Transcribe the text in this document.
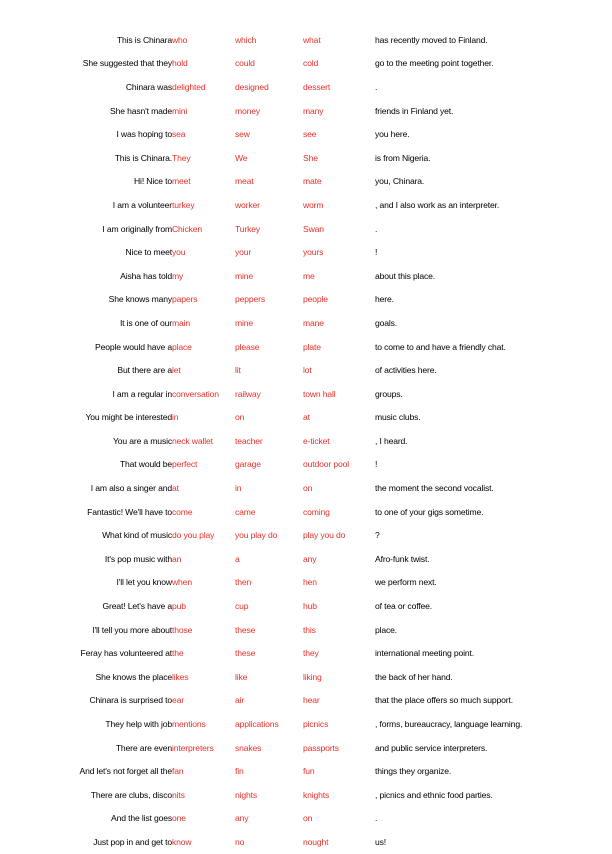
This is Chinara	who	which	what	has recently moved to Finland.
She suggested that they	hold	could	cold	go to the meeting point together.
Chinara was	delighted	designed	dessert	.
She hasn't made	mini	money	many	friends in Finland yet.
I was hoping to	sea	sew	see	you here.
This is Chinara.	They	We	She	is from Nigeria.
Hi! Nice to	meet	meat	mate	you, Chinara.
I am a volunteer	turkey	worker	worm	, and I also work as an interpreter.
I am originally from	Chicken	Turkey	Swan	.
Nice to meet	you	your	yours	!
Aisha has told	my	mine	me	about this place.
She knows many	papers	peppers	people	here.
It is one of our	main	mine	mane	goals.
People would have a	place	please	plate	to come to and have a friendly chat.
But there are a	let	lit	lot	of activities here.
I am a regular in	conversation	railway	town hall	groups.
You might be interested	in	on	at	music clubs.
You are a music	neck wallet	teacher	e-ticket	, I heard.
That would be	perfect	garage	outdoor pool	!
I am also a singer and	at	in	on	the moment the second vocalist.
Fantastic! We'll have to	come	came	coming	to one of your gigs sometime.
What kind of music	do you play	you play do	play you do	?
It's pop music with	an	a	any	Afro-funk twist.
I'll let you know	when	then	hen	we perform next.
Great! Let's have a	pub	cup	hub	of tea or coffee.
I'll tell you more about	those	these	this	place.
Feray has volunteered at	the	these	they	international meeting point.
She knows the place	likes	like	liking	the back of her hand.
Chinara is surprised to	ear	air	hear	that the place offers so much support.
They help with job	mentions	applications	picnics	, forms, bureaucracy, language learning.
There are even	interpreters	snakes	passports	and public service interpreters.
And let's not forget all the	fan	fin	fun	things they organize.
There are clubs, disco	nits	nights	knights	, picnics and ethnic food parties.
And the list goes	one	any	on	.
Just pop in and get to	know	no	nought	us!
